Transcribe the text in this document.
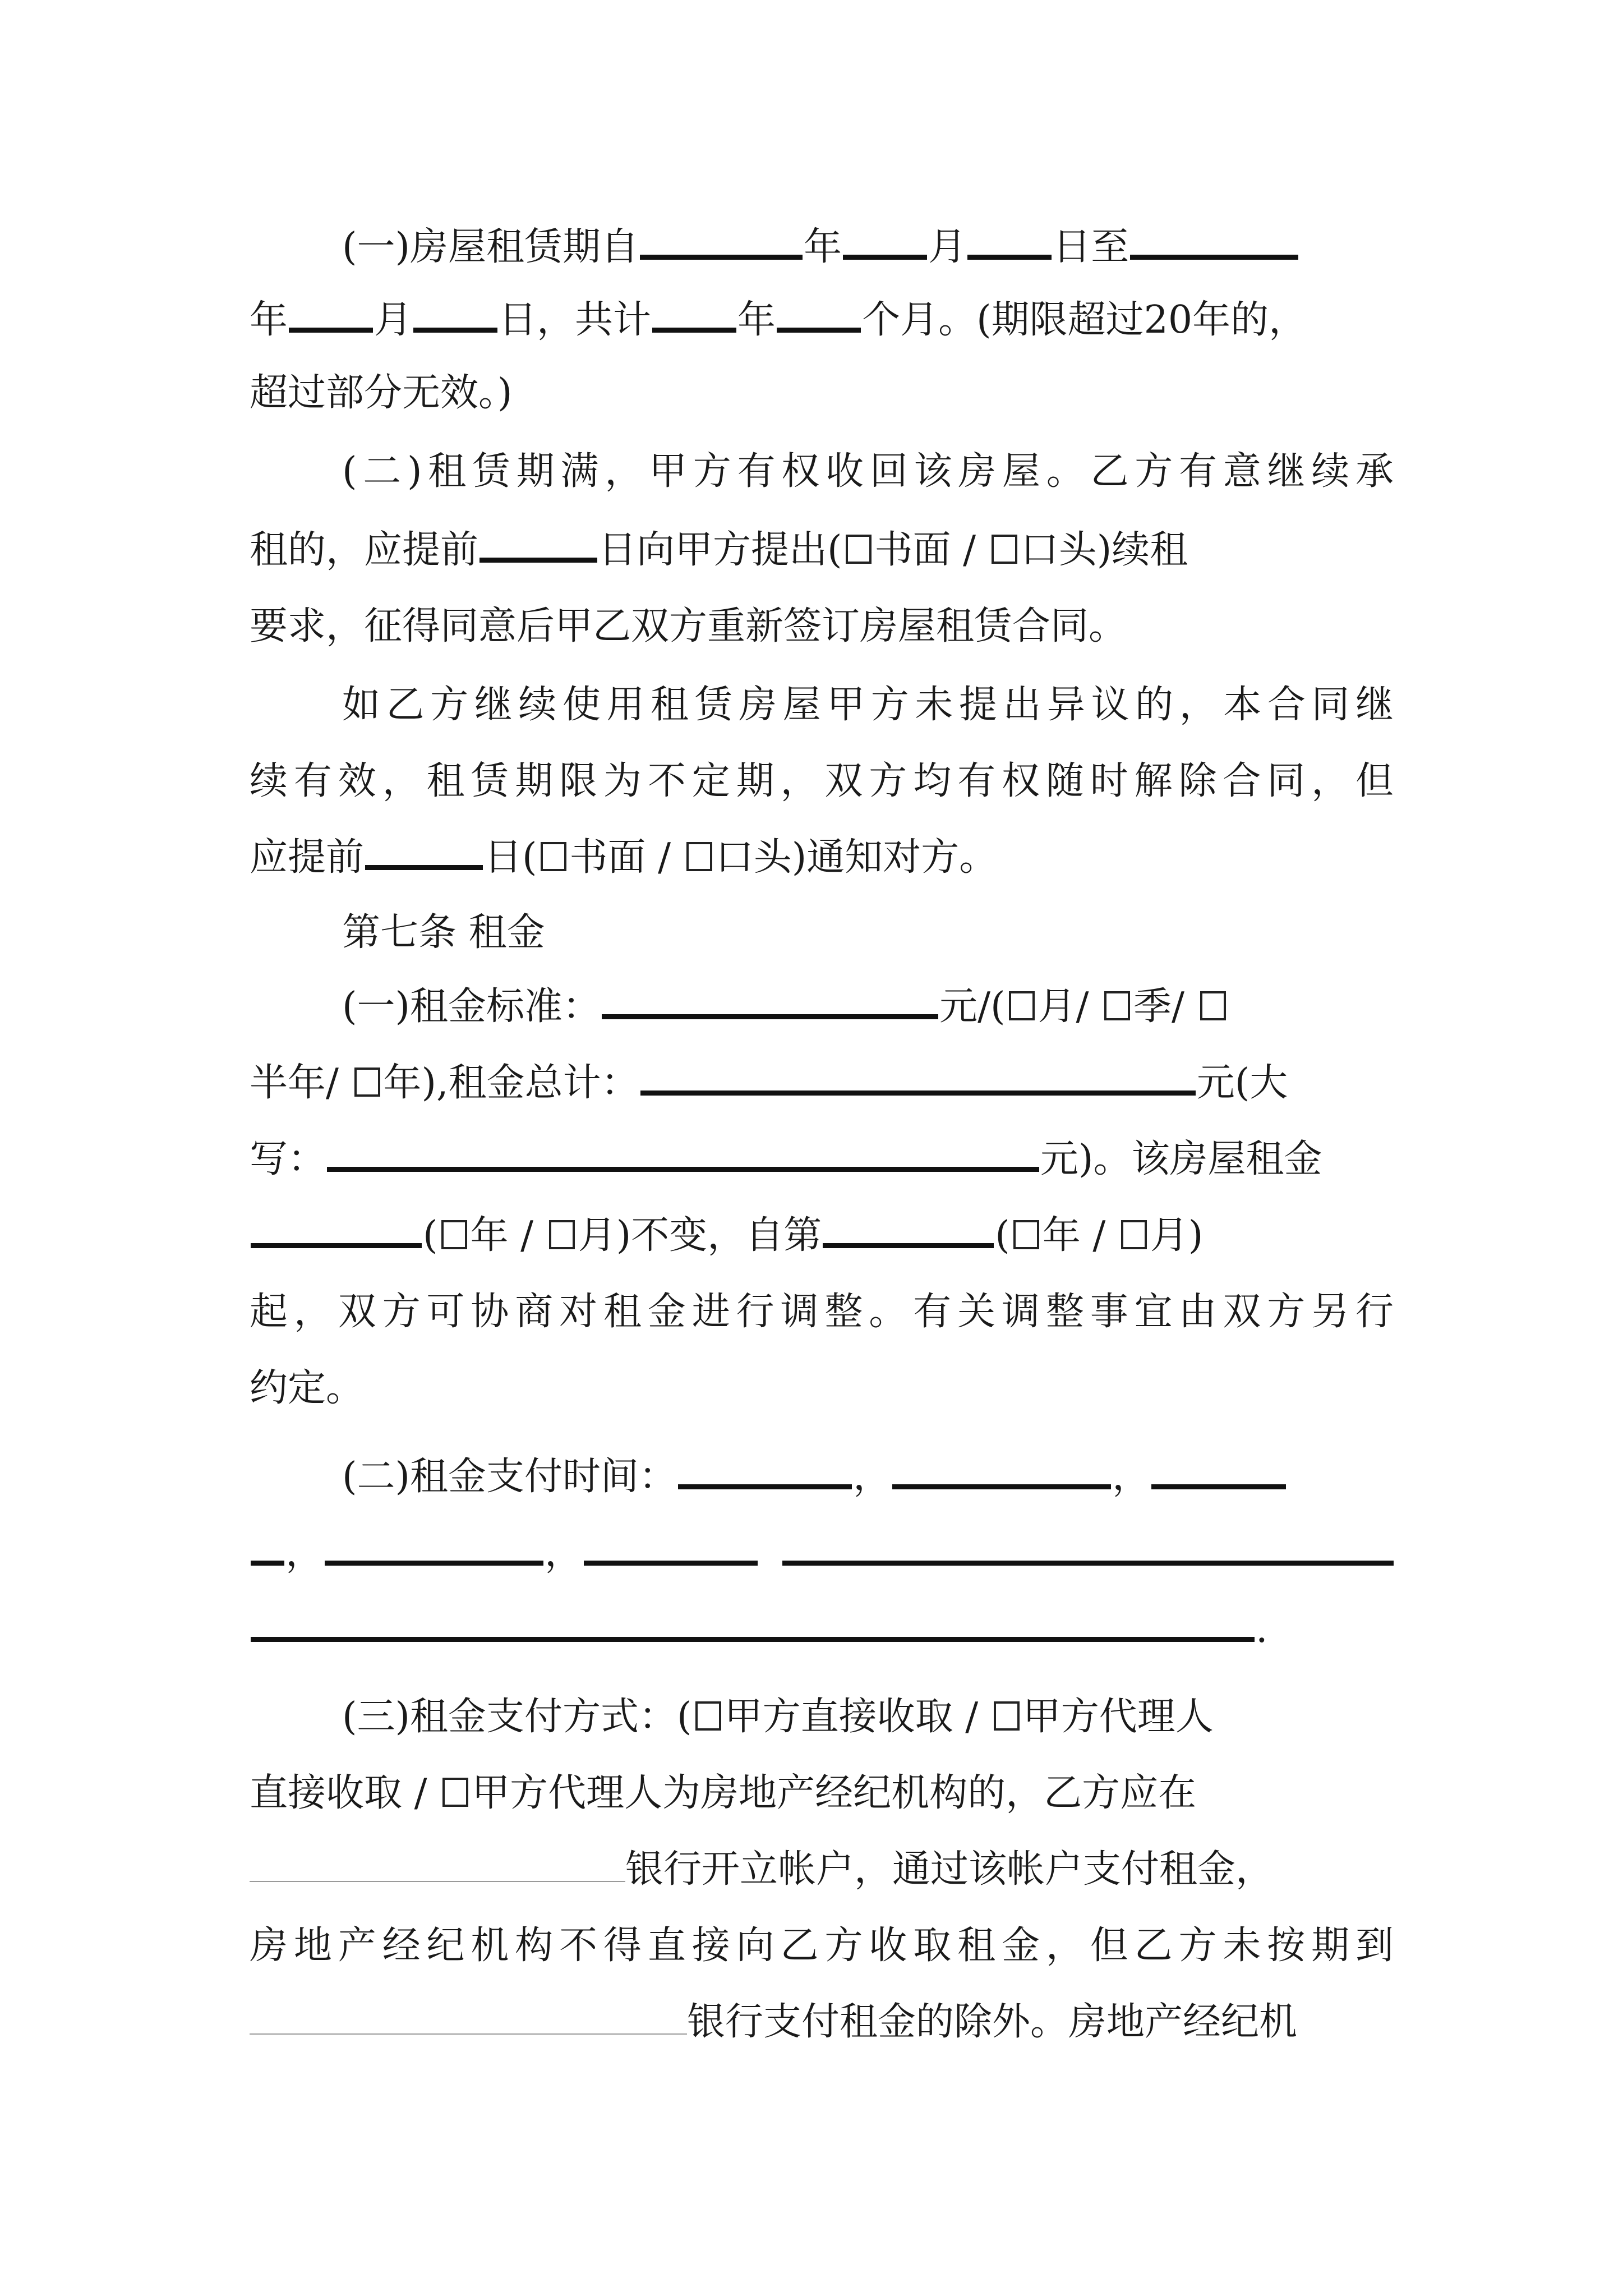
(一)房屋租赁期自	年 月 日至
年 月 日，共计 年 个月。(期限超过20年的，
超过部分无效。)
(二)租赁期满，甲方有权收回该房屋。乙方有意继续承
租的，应提前	日向甲方提出( 书面 / 口头)续租
要求，征得同意后甲乙双方重新签订房屋租赁合同。
如乙方继续使用租赁房屋甲方未提出异议的，本合同继
续有效，租赁期限为不定期，双方均有权随时解除合同，但
应提前	日( 书面 / 口头)通知对方。
第七条 租金
(一)租金标准：	元/( 月/ 季/
半年/ 年),租金总计：	元(大
写：	元)。该房屋租金
( 年 / 月)不变，自第	( 年 / 月)
起，双方可协商对租金进行调整。有关调整事宜由双方另行
约定。
(二)租金支付时间：	，	，
，	，
.
(三)租金支付方式：( 甲方直接收取 / 甲方代理人
直接收取 / 甲方代理人为房地产经纪机构的，乙方应在
银行开立帐户，通过该帐户支付租金，
房地产经纪机构不得直接向乙方收取租金，但乙方未按期到
银行支付租金的除外。房地产经纪机
